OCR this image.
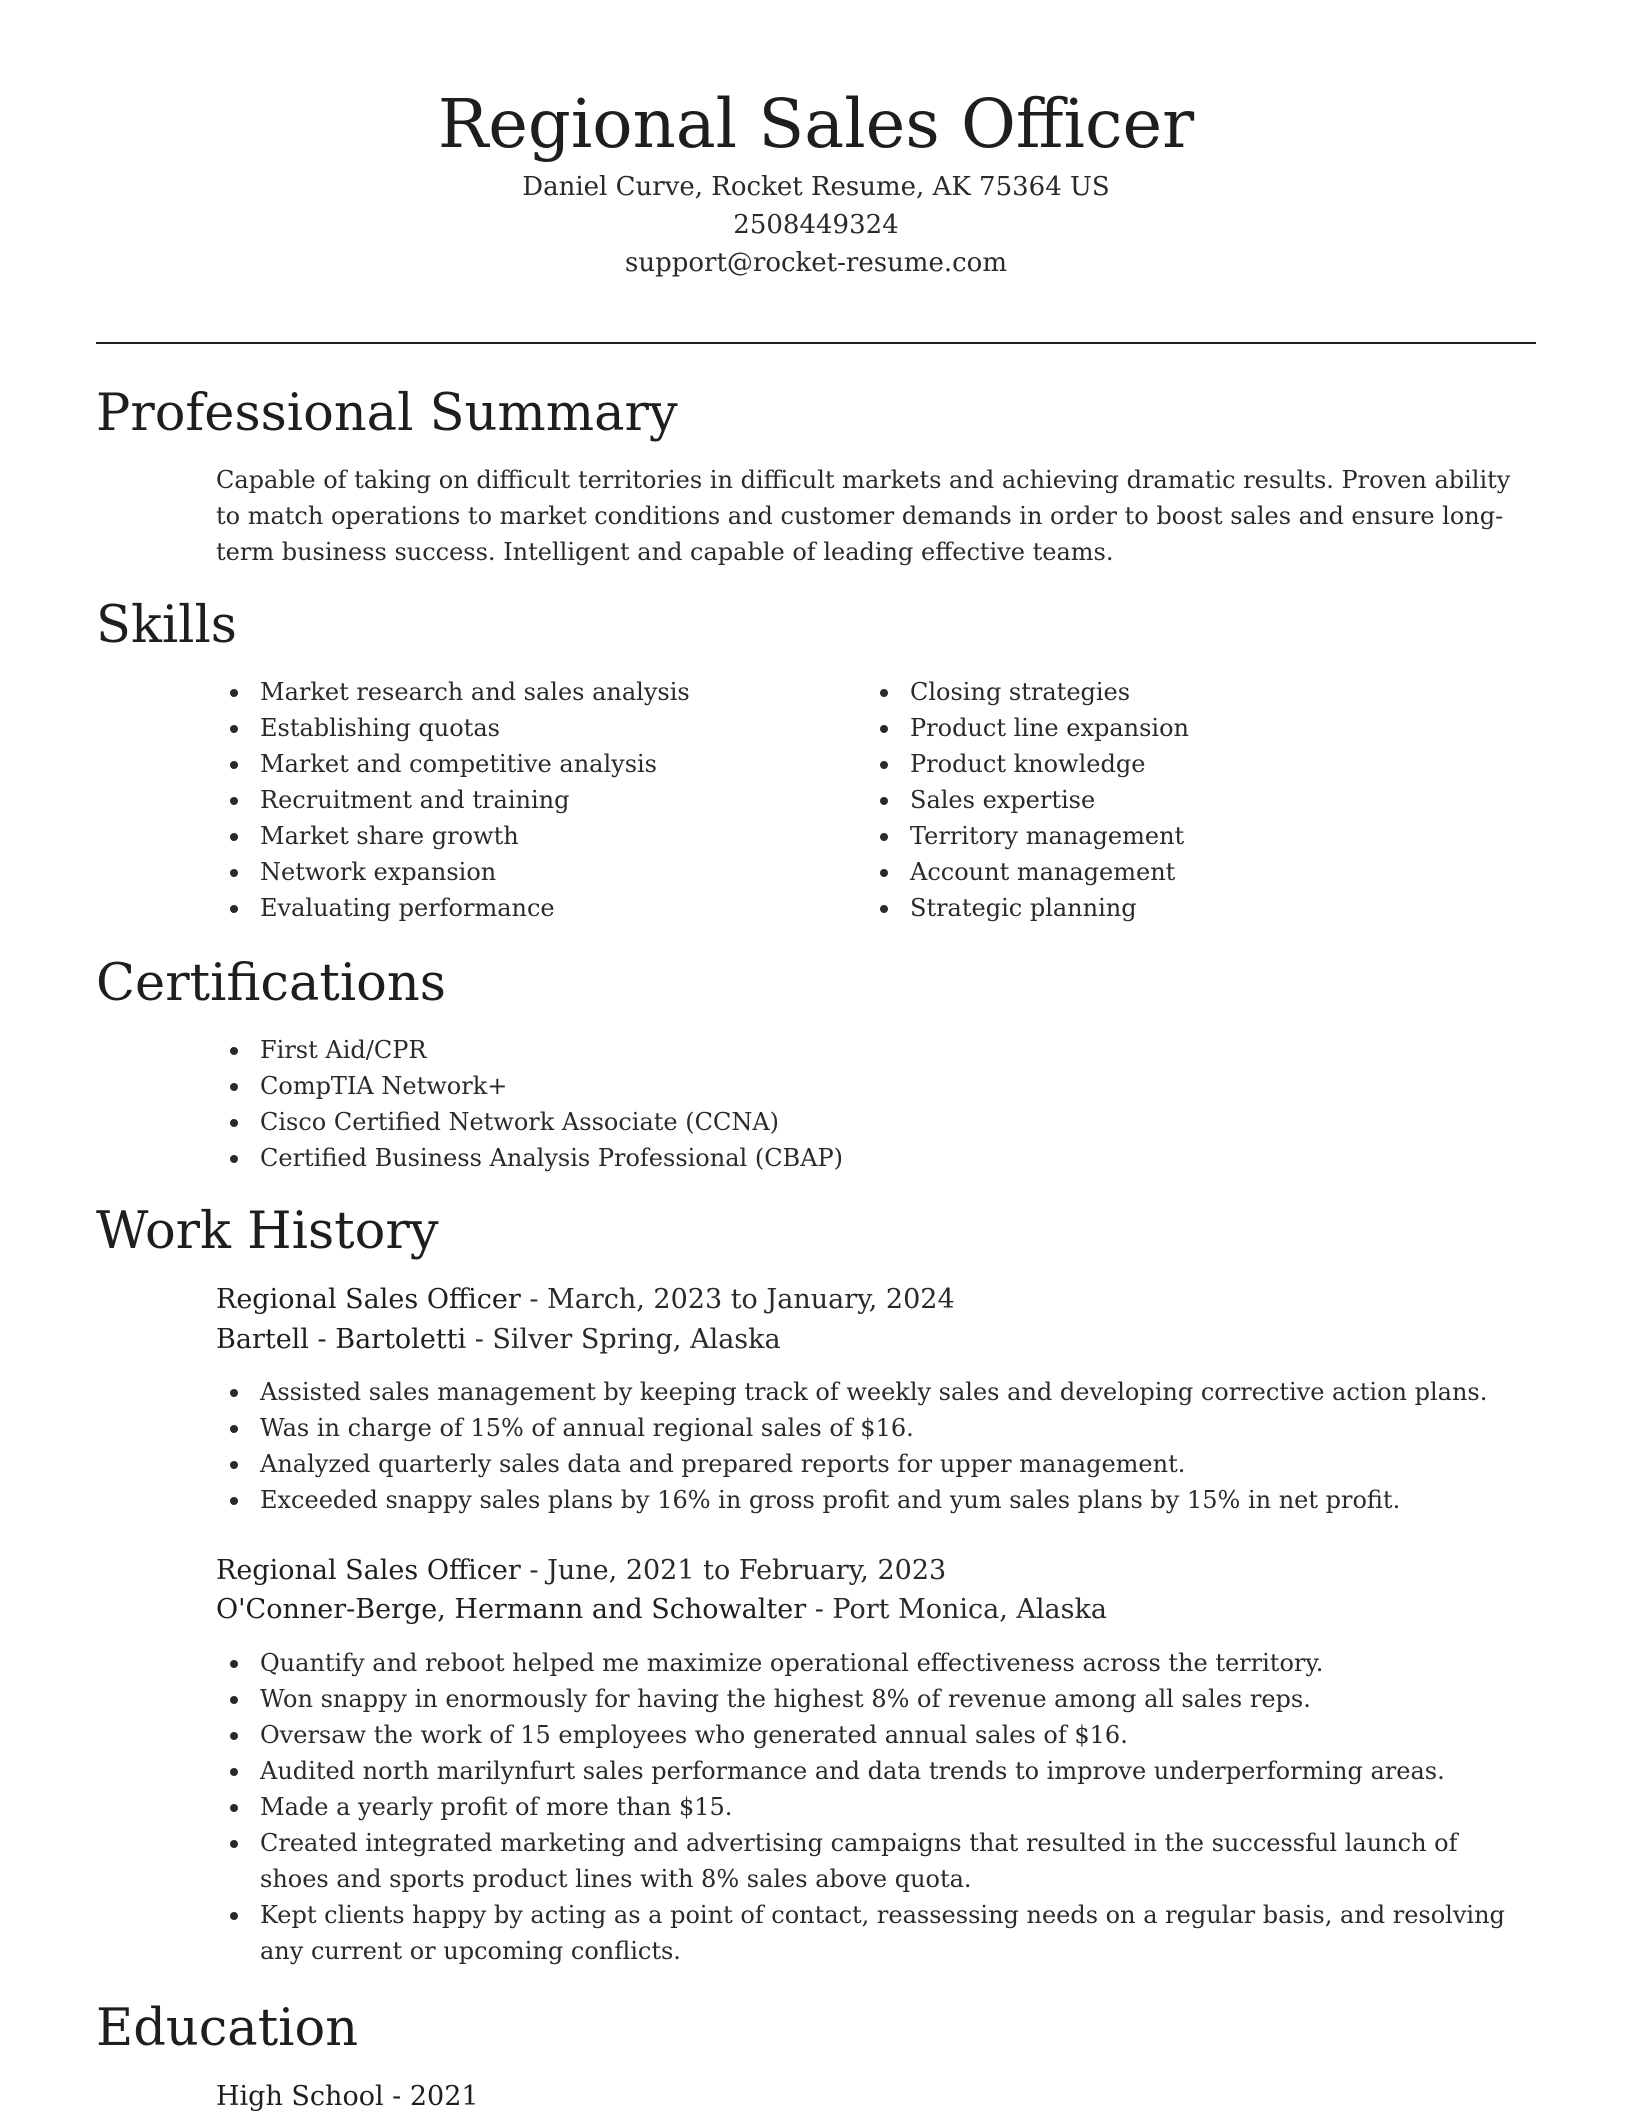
Regional Sales Officer
Daniel Curve, Rocket Resume, AK 75364 US
2508449324
support@rocket-resume.com
Professional Summary
Capable of taking on difficult territories in difficult markets and achieving dramatic results. Proven ability to match operations to market conditions and customer demands in order to boost sales and ensure long-term business success. Intelligent and capable of leading effective teams.
Skills
Market research and sales analysis
Establishing quotas
Market and competitive analysis
Recruitment and training
Market share growth
Network expansion
Evaluating performance
Closing strategies
Product line expansion
Product knowledge
Sales expertise
Territory management
Account management
Strategic planning
Certifications
First Aid/CPR
CompTIA Network+
Cisco Certified Network Associate (CCNA)
Certified Business Analysis Professional (CBAP)
Work History
Regional Sales Officer - March, 2023 to January, 2024
Bartell - Bartoletti - Silver Spring, Alaska
Assisted sales management by keeping track of weekly sales and developing corrective action plans.
Was in charge of 15% of annual regional sales of $16.
Analyzed quarterly sales data and prepared reports for upper management.
Exceeded snappy sales plans by 16% in gross profit and yum sales plans by 15% in net profit.
Regional Sales Officer - June, 2021 to February, 2023
O'Conner-Berge, Hermann and Schowalter - Port Monica, Alaska
Quantify and reboot helped me maximize operational effectiveness across the territory.
Won snappy in enormously for having the highest 8% of revenue among all sales reps.
Oversaw the work of 15 employees who generated annual sales of $16.
Audited north marilynfurt sales performance and data trends to improve underperforming areas.
Made a yearly profit of more than $15.
Created integrated marketing and advertising campaigns that resulted in the successful launch of shoes and sports product lines with 8% sales above quota.
Kept clients happy by acting as a point of contact, reassessing needs on a regular basis, and resolving any current or upcoming conflicts.
Education
High School - 2021
